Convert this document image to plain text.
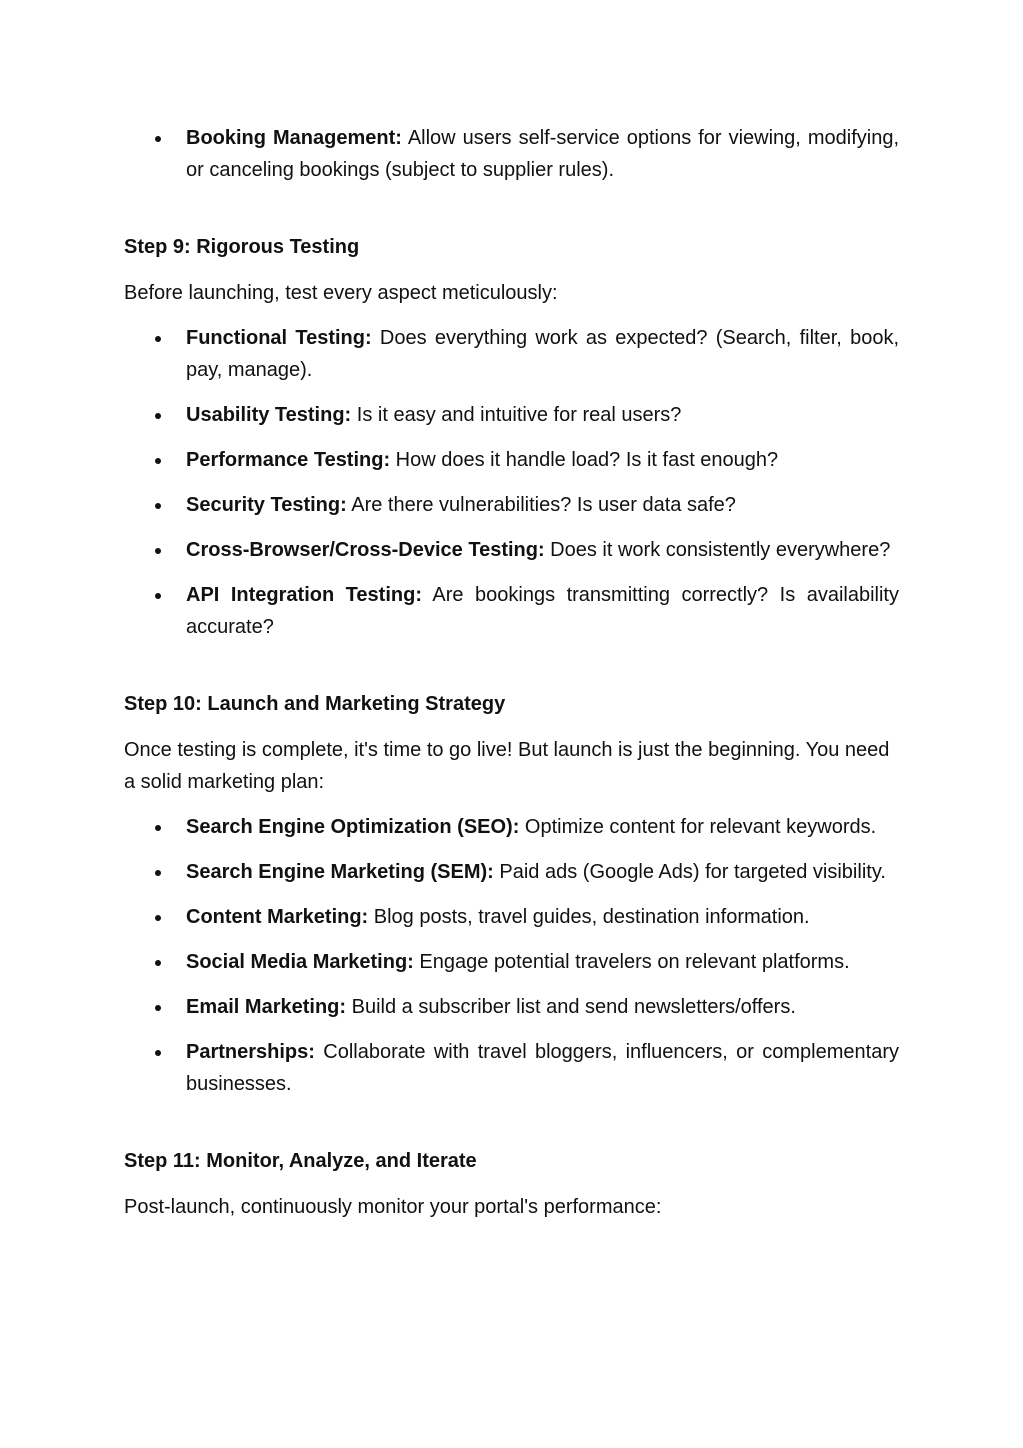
Booking Management: Allow users self-service options for viewing, modifying, or canceling bookings (subject to supplier rules).

Step 9: Rigorous Testing

Before launching, test every aspect meticulously:

Functional Testing: Does everything work as expected? (Search, filter, book, pay, manage).
Usability Testing: Is it easy and intuitive for real users?
Performance Testing: How does it handle load? Is it fast enough?
Security Testing: Are there vulnerabilities? Is user data safe?
Cross-Browser/Cross-Device Testing: Does it work consistently everywhere?
API Integration Testing: Are bookings transmitting correctly? Is availability accurate?

Step 10: Launch and Marketing Strategy

Once testing is complete, it's time to go live! But launch is just the beginning. You need a solid marketing plan:

Search Engine Optimization (SEO): Optimize content for relevant keywords.
Search Engine Marketing (SEM): Paid ads (Google Ads) for targeted visibility.
Content Marketing: Blog posts, travel guides, destination information.
Social Media Marketing: Engage potential travelers on relevant platforms.
Email Marketing: Build a subscriber list and send newsletters/offers.
Partnerships: Collaborate with travel bloggers, influencers, or complementary businesses.

Step 11: Monitor, Analyze, and Iterate

Post-launch, continuously monitor your portal's performance:
